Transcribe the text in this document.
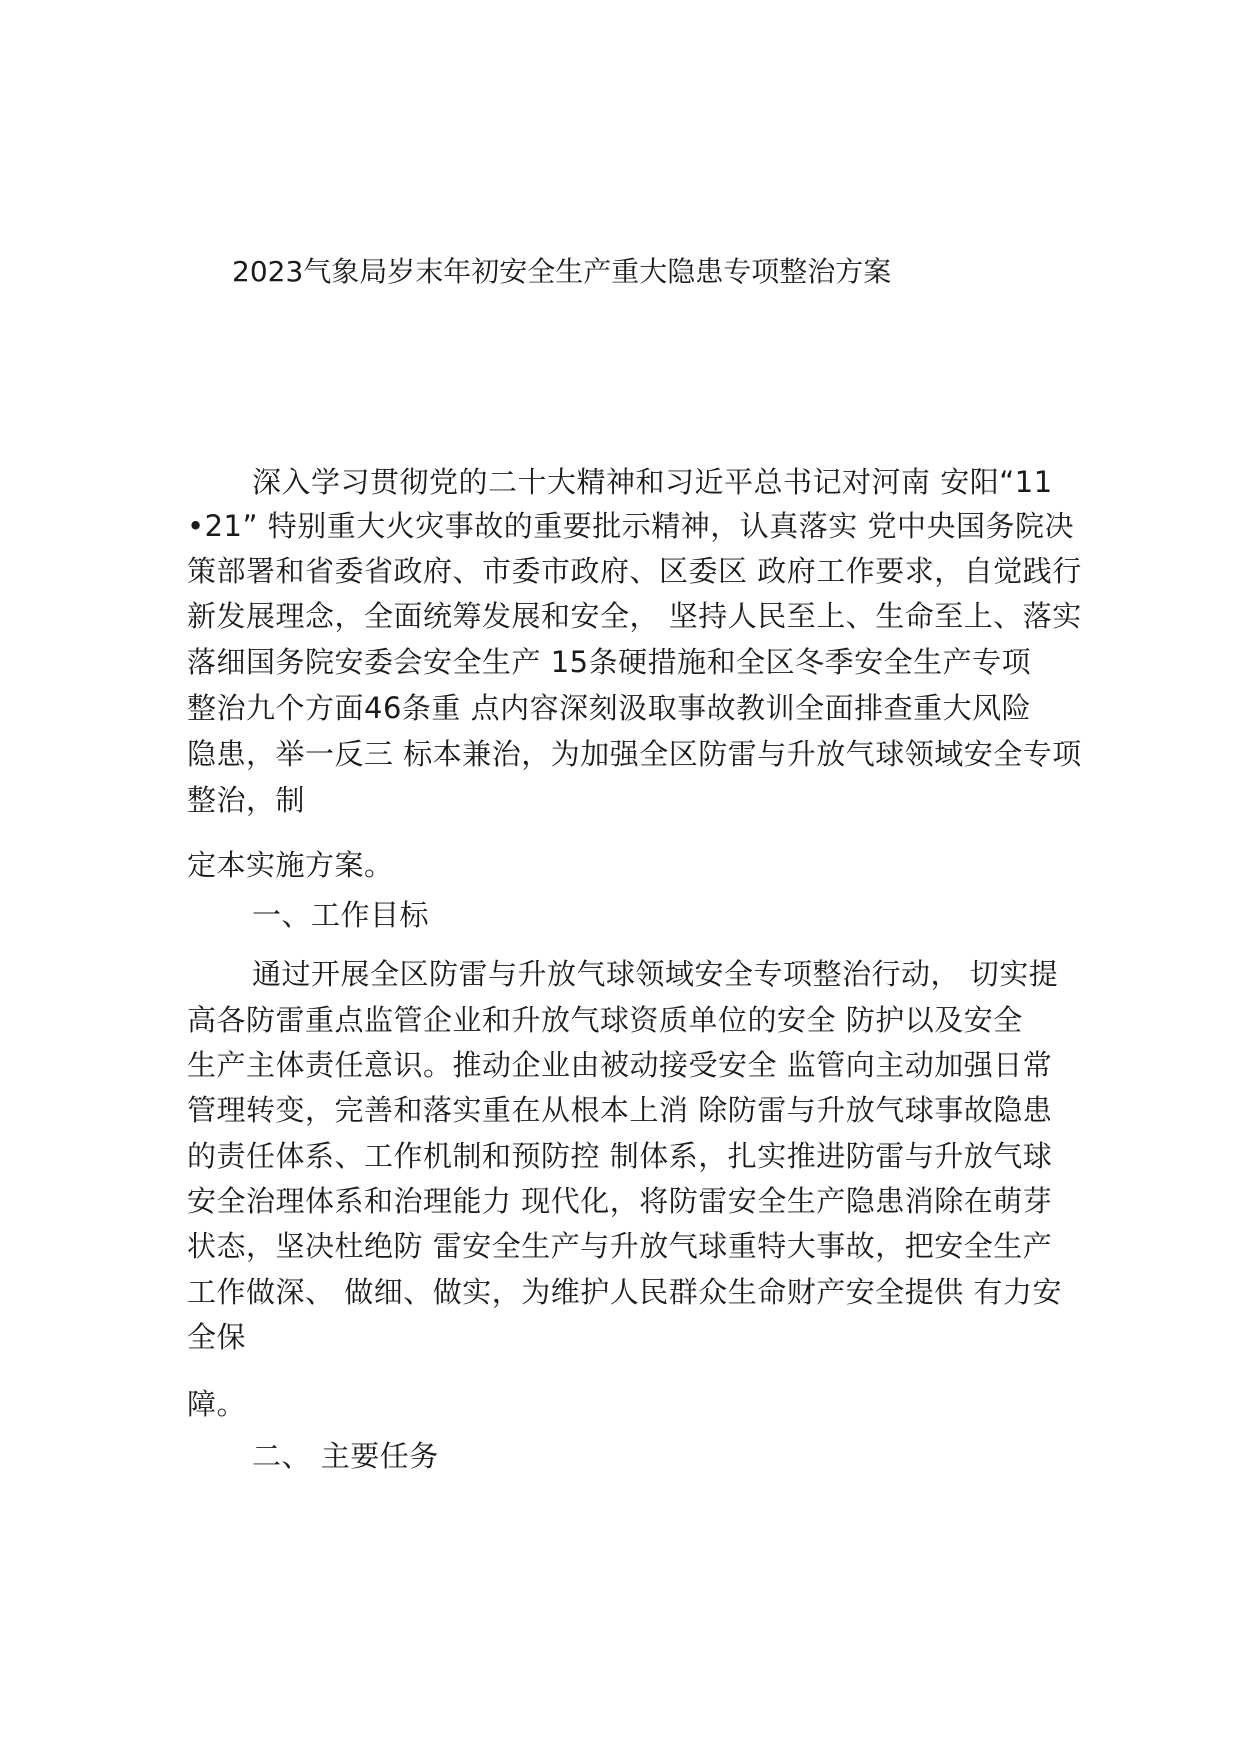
2023气象局岁末年初安全生产重大隐患专项整治方案
深入学习贯彻党的二十大精神和习近平总书记对河南 安阳“11
•21” 特别重大火灾事故的重要批示精神，认真落实 党中央国务院决
策部署和省委省政府、市委市政府、区委区 政府工作要求，自觉践行
新发展理念，全面统筹发展和安全， 坚持人民至上、生命至上、落实
落细国务院安委会安全生产 15条硬措施和全区冬季安全生产专项
整治九个方面46条重 点内容深刻汲取事故教训全面排查重大风险
隐患，举一反三 标本兼治，为加强全区防雷与升放气球领域安全专项
整治，制
定本实施方案。
一、工作目标
通过开展全区防雷与升放气球领域安全专项整治行动， 切实提
高各防雷重点监管企业和升放气球资质单位的安全 防护以及安全
生产主体责任意识。推动企业由被动接受安全 监管向主动加强日常
管理转变，完善和落实重在从根本上消 除防雷与升放气球事故隐患
的责任体系、工作机制和预防控 制体系，扎实推进防雷与升放气球
安全治理体系和治理能力 现代化，将防雷安全生产隐患消除在萌芽
状态，坚决杜绝防 雷安全生产与升放气球重特大事故，把安全生产
工作做深、 做细、做实，为维护人民群众生命财产安全提供 有力安
全保
障。
二、 主要任务
